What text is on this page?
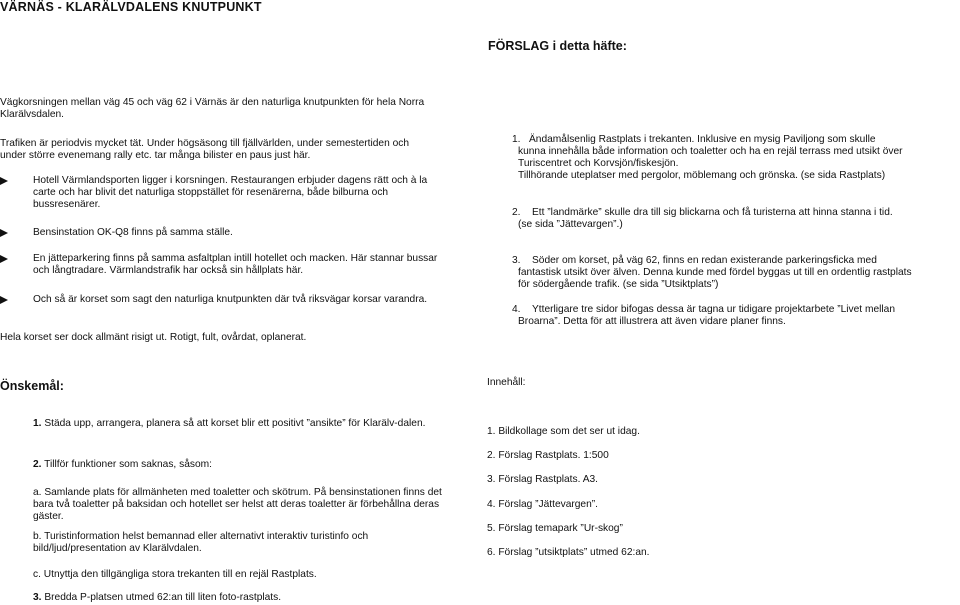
VÄRNÄS - KLARÄLVDALENS KNUTPUNKT
FÖRSLAG i detta häfte:
Vägkorsningen mellan väg 45 och väg 62 i Värnäs är den naturliga knutpunkten för hela Norra Klarälvsdalen.
Trafiken är periodvis mycket tät. Under högsäsong till fjällvärlden, under semestertiden och under större evenemang rally etc. tar många bilister en paus just här.
Hotell Värmlandsporten ligger i korsningen. Restaurangen erbjuder dagens rätt och à la carte och har blivit det naturliga stoppstället för resenärerna, både bilburna och bussresenärer.
Bensinstation OK-Q8 finns på samma ställe.
En jätteparkering finns på samma asfaltplan intill hotellet och macken. Här stannar bussar och långtradare. Värmlandstrafik har också sin hållplats här.
Och så är korset som sagt den naturliga knutpunkten där två riksvägar korsar varandra.
Hela korset ser dock allmänt risigt ut. Rotigt, fult, ovårdat, oplanerat.
1. Ändamålsenlig Rastplats i trekanten. Inklusive en mysig Paviljong som skulle
kunna innehålla både information och toaletter och ha en rejäl terrass med utsikt över
Turiscentret och Korvsjön/fiskesjön.
Tillhörande uteplatser med pergolor, möblemang och grönska. (se sida Rastplats)
2. Ett ”landmärke” skulle dra till sig blickarna och få turisterna att hinna stanna i tid.
(se sida ”Jättevargen”.)
3. Söder om korset, på väg 62, finns en redan existerande parkeringsficka med
fantastisk utsikt över älven. Denna kunde med fördel byggas ut till en ordentlig rastplats
för södergående trafik. (se sida ”Utsiktplats”)
4. Ytterligare tre sidor bifogas dessa är tagna ur tidigare projektarbete ”Livet mellan
Broarna”. Detta för att illustrera att även vidare planer finns.
Önskemål:
1. Städa upp, arrangera, planera så att korset blir ett positivt ”ansikte” för Klarälv-dalen.
2. Tillför funktioner som saknas, såsom:
a. Samlande plats för allmänheten med toaletter och skötrum. På bensinstationen finns det bara två toaletter på baksidan och hotellet ser helst att deras toaletter är förbehållna deras gäster.
b. Turistinformation helst bemannad eller alternativt interaktiv turistinfo och bild/ljud/presentation av Klarälvdalen.
c. Utnyttja den tillgängliga stora trekanten till en rejäl Rastplats.
3. Bredda P-platsen utmed 62:an till liten foto-rastplats.
Innehåll:
1. Bildkollage som det ser ut idag.
2. Förslag Rastplats. 1:500
3. Förslag Rastplats. A3.
4. Förslag ”Jättevargen”.
5. Förslag temapark ”Ur-skog”
6. Förslag ”utsiktplats” utmed 62:an.
